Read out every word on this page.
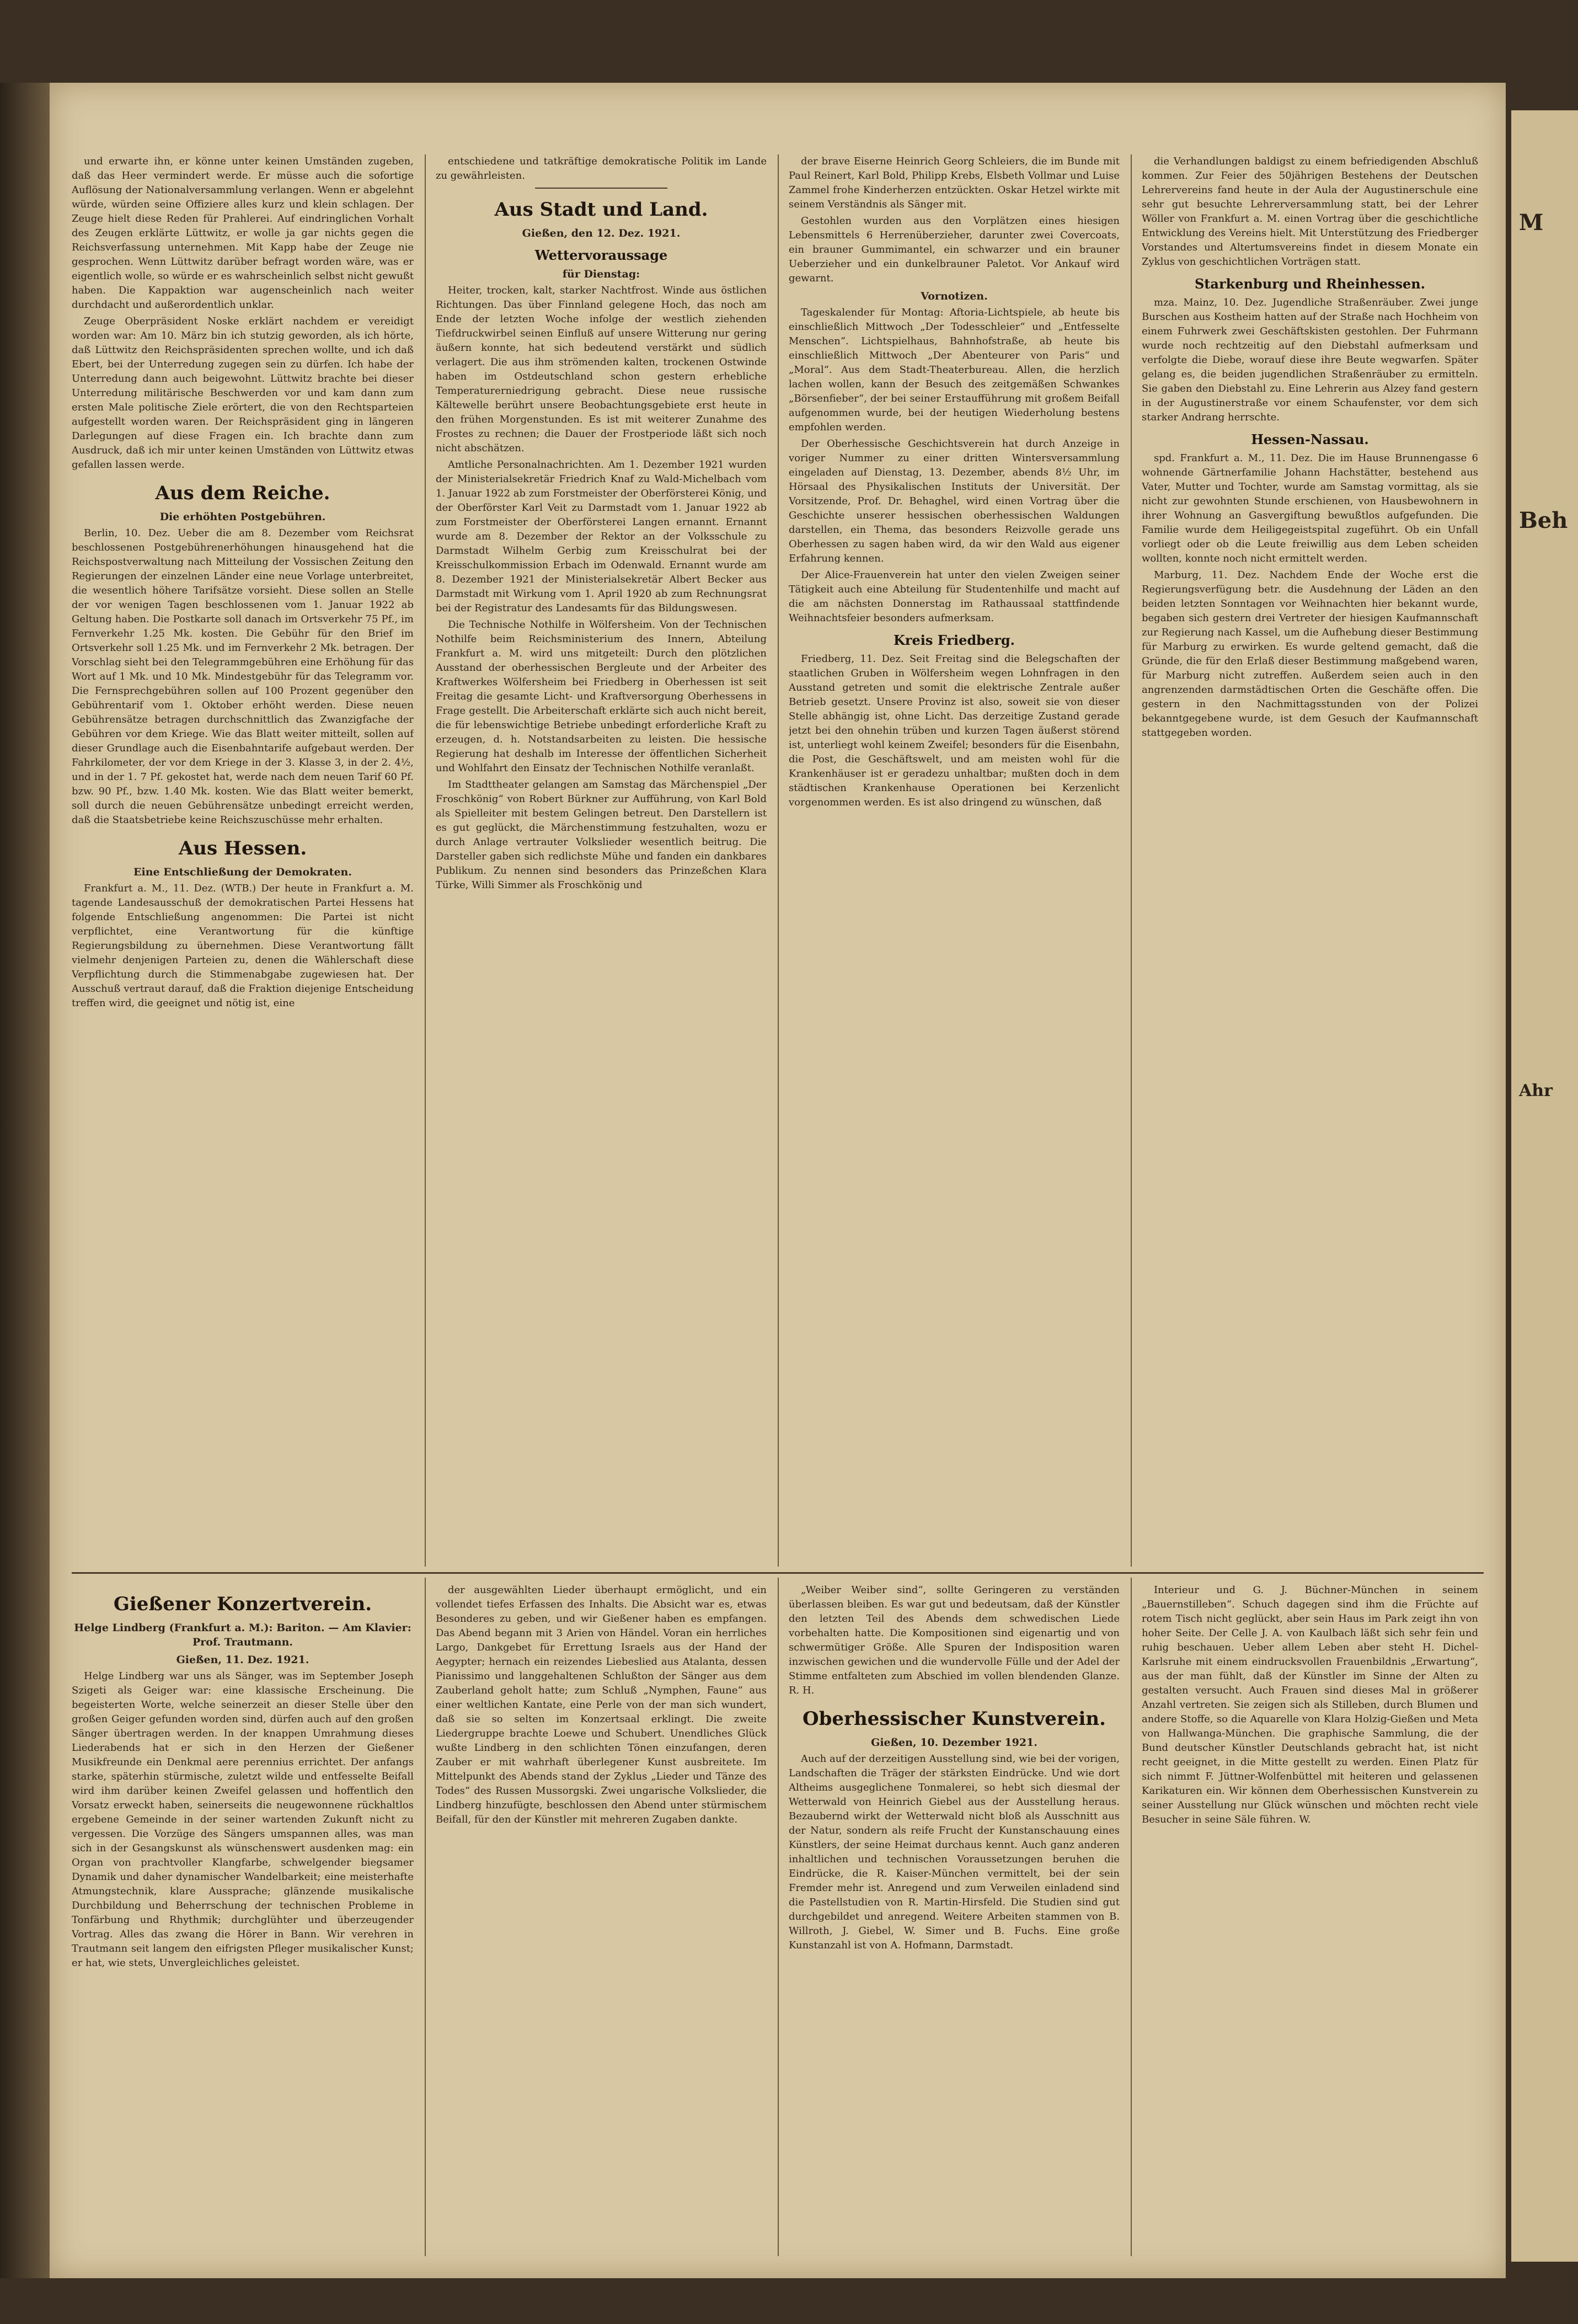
M
Beh
Ahr

und erwarte ihn, er könne unter keinen Umständen zugeben, daß das Heer vermindert werde. Er müsse auch die sofortige Auflösung der Nationalversammlung verlangen. Wenn er abgelehnt würde, würden seine Offiziere alles kurz und klein schlagen. Der Zeuge hielt diese Reden für Prahlerei. Auf eindringlichen Vorhalt des Zeugen erklärte Lüttwitz, er wolle ja gar nichts gegen die Reichsverfassung unternehmen. Mit Kapp habe der Zeuge nie gesprochen. Wenn Lüttwitz darüber befragt worden wäre, was er eigentlich wolle, so würde er es wahrscheinlich selbst nicht gewußt haben. Die Kappaktion war augenscheinlich nach weiter durchdacht und außerordentlich unklar.

Zeuge Oberpräsident Noske erklärt nachdem er vereidigt worden war: Am 10. März bin ich stutzig geworden, als ich hörte, daß Lüttwitz den Reichspräsidenten sprechen wollte, und ich daß Ebert, bei der Unterredung zugegen sein zu dürfen. Ich habe der Unterredung dann auch beigewohnt. Lüttwitz brachte bei dieser Unterredung militärische Beschwerden vor und kam dann zum ersten Male politische Ziele erörtert, die von den Rechtsparteien aufgestellt worden waren. Der Reichspräsident ging in längeren Darlegungen auf diese Fragen ein. Ich brachte dann zum Ausdruck, daß ich mir unter keinen Umständen von Lüttwitz etwas gefallen lassen werde.

Aus dem Reiche.
Die erhöhten Postgebühren.

Berlin, 10. Dez. Ueber die am 8. Dezember vom Reichsrat beschlossenen Postgebührenerhöhungen hinausgehend hat die Reichspostverwaltung nach Mitteilung der Vossischen Zeitung den Regierungen der einzelnen Länder eine neue Vorlage unterbreitet, die wesentlich höhere Tarifsätze vorsieht. Diese sollen an Stelle der vor wenigen Tagen beschlossenen vom 1. Januar 1922 ab Geltung haben. Die Postkarte soll danach im Ortsverkehr 75 Pf., im Fernverkehr 1.25 Mk. kosten. Die Gebühr für den Brief im Ortsverkehr soll 1.25 Mk. und im Fernverkehr 2 Mk. betragen. Der Vorschlag sieht bei den Telegrammgebühren eine Erhöhung für das Wort auf 1 Mk. und 10 Mk. Mindestgebühr für das Telegramm vor. Die Fernsprechgebühren sollen auf 100 Prozent gegenüber den Gebührentarif vom 1. Oktober erhöht werden. Diese neuen Gebührensätze betragen durchschnittlich das Zwanzigfache der Gebühren vor dem Kriege. Wie das Blatt weiter mitteilt, sollen auf dieser Grundlage auch die Eisenbahntarife aufgebaut werden. Der Fahrkilometer, der vor dem Kriege in der 3. Klasse 3, in der 2. 4½, und in der 1. 7 Pf. gekostet hat, werde nach dem neuen Tarif 60 Pf. bzw. 90 Pf., bzw. 1.40 Mk. kosten. Wie das Blatt weiter bemerkt, soll durch die neuen Gebührensätze unbedingt erreicht werden, daß die Staatsbetriebe keine Reichszuschüsse mehr erhalten.

Aus Hessen.
Eine Entschließung der Demokraten.

Frankfurt a. M., 11. Dez. (WTB.) Der heute in Frankfurt a. M. tagende Landesausschuß der demokratischen Partei Hessens hat folgende Entschließung angenommen: Die Partei ist nicht verpflichtet, eine Verantwortung für die künftige Regierungsbildung zu übernehmen. Diese Verantwortung fällt vielmehr denjenigen Parteien zu, denen die Wählerschaft diese Verpflichtung durch die Stimmenabgabe zugewiesen hat. Der Ausschuß vertraut darauf, daß die Fraktion diejenige Entscheidung treffen wird, die geeignet und nötig ist, eine

entschiedene und tatkräftige demokratische Politik im Lande zu gewährleisten.

Aus Stadt und Land.
Gießen, den 12. Dez. 1921.
Wettervoraussage
für Dienstag:

Heiter, trocken, kalt, starker Nachtfrost. Winde aus östlichen Richtungen. Das über Finnland gelegene Hoch, das noch am Ende der letzten Woche infolge der westlich ziehenden Tiefdruckwirbel seinen Einfluß auf unsere Witterung nur gering äußern konnte, hat sich bedeutend verstärkt und südlich verlagert. Die aus ihm strömenden kalten, trockenen Ostwinde haben im Ostdeutschland schon gestern erhebliche Temperaturerniedrigung gebracht. Diese neue russische Kältewelle berührt unsere Beobachtungsgebiete erst heute in den frühen Morgenstunden. Es ist mit weiterer Zunahme des Frostes zu rechnen; die Dauer der Frostperiode läßt sich noch nicht abschätzen.

Amtliche Personalnachrichten. Am 1. Dezember 1921 wurden der Ministerialsekretär Friedrich Knaf zu Wald-Michelbach vom 1. Januar 1922 ab zum Forstmeister der Oberförsterei König, und der Oberförster Karl Veit zu Darmstadt vom 1. Januar 1922 ab zum Forstmeister der Oberförsterei Langen ernannt. Ernannt wurde am 8. Dezember der Rektor an der Volksschule zu Darmstadt Wilhelm Gerbig zum Kreisschulrat bei der Kreisschulkommission Erbach im Odenwald. Ernannt wurde am 8. Dezember 1921 der Ministerialsekretär Albert Becker aus Darmstadt mit Wirkung vom 1. April 1920 ab zum Rechnungsrat bei der Registratur des Landesamts für das Bildungswesen.

Die Technische Nothilfe in Wölfersheim. Von der Technischen Nothilfe beim Reichsministerium des Innern, Abteilung Frankfurt a. M. wird uns mitgeteilt: Durch den plötzlichen Ausstand der oberhessischen Bergleute und der Arbeiter des Kraftwerkes Wölfersheim bei Friedberg in Oberhessen ist seit Freitag die gesamte Licht- und Kraftversorgung Oberhessens in Frage gestellt. Die Arbeiterschaft erklärte sich auch nicht bereit, die für lebenswichtige Betriebe unbedingt erforderliche Kraft zu erzeugen, d. h. Notstandsarbeiten zu leisten. Die hessische Regierung hat deshalb im Interesse der öffentlichen Sicherheit und Wohlfahrt den Einsatz der Technischen Nothilfe veranlaßt.

Im Stadttheater gelangen am Samstag das Märchenspiel „Der Froschkönig“ von Robert Bürkner zur Aufführung, von Karl Bold als Spielleiter mit bestem Gelingen betreut. Den Darstellern ist es gut geglückt, die Märchenstimmung festzuhalten, wozu er durch Anlage vertrauter Volkslieder wesentlich beitrug. Die Darsteller gaben sich redlichste Mühe und fanden ein dankbares Publikum. Zu nennen sind besonders das Prinzeßchen Klara Türke, Willi Simmer als Froschkönig und

der brave Eiserne Heinrich Georg Schleiers, die im Bunde mit Paul Reinert, Karl Bold, Philipp Krebs, Elsbeth Vollmar und Luise Zammel frohe Kinderherzen entzückten. Oskar Hetzel wirkte mit seinem Verständnis als Sänger mit.

Gestohlen wurden aus den Vorplätzen eines hiesigen Lebensmittels 6 Herrenüberzieher, darunter zwei Covercoats, ein brauner Gummimantel, ein schwarzer und ein brauner Ueberzieher und ein dunkelbrauner Paletot. Vor Ankauf wird gewarnt.

Vornotizen.

Tageskalender für Montag: Aftoria-Lichtspiele, ab heute bis einschließlich Mittwoch „Der Todesschleier“ und „Entfesselte Menschen“. Lichtspielhaus, Bahnhofstraße, ab heute bis einschließlich Mittwoch „Der Abenteurer von Paris“ und „Moral“. Aus dem Stadt-Theaterbureau. Allen, die herzlich lachen wollen, kann der Besuch des zeitgemäßen Schwankes „Börsenfieber“, der bei seiner Erstaufführung mit großem Beifall aufgenommen wurde, bei der heutigen Wiederholung bestens empfohlen werden.

Der Oberhessische Geschichtsverein hat durch Anzeige in voriger Nummer zu einer dritten Wintersversammlung eingeladen auf Dienstag, 13. Dezember, abends 8½ Uhr, im Hörsaal des Physikalischen Instituts der Universität. Der Vorsitzende, Prof. Dr. Behaghel, wird einen Vortrag über die Geschichte unserer hessischen oberhessischen Waldungen darstellen, ein Thema, das besonders Reizvolle gerade uns Oberhessen zu sagen haben wird, da wir den Wald aus eigener Erfahrung kennen.

Der Alice-Frauenverein hat unter den vielen Zweigen seiner Tätigkeit auch eine Abteilung für Studentenhilfe und macht auf die am nächsten Donnerstag im Rathaussaal stattfindende Weihnachtsfeier besonders aufmerksam.

Kreis Friedberg.

Friedberg, 11. Dez. Seit Freitag sind die Belegschaften der staatlichen Gruben in Wölfersheim wegen Lohnfragen in den Ausstand getreten und somit die elektrische Zentrale außer Betrieb gesetzt. Unsere Provinz ist also, soweit sie von dieser Stelle abhängig ist, ohne Licht. Das derzeitige Zustand gerade jetzt bei den ohnehin trüben und kurzen Tagen äußerst störend ist, unterliegt wohl keinem Zweifel; besonders für die Eisenbahn, die Post, die Geschäftswelt, und am meisten wohl für die Krankenhäuser ist er geradezu unhaltbar; mußten doch in dem städtischen Krankenhause Operationen bei Kerzenlicht vorgenommen werden. Es ist also dringend zu wünschen, daß

die Verhandlungen baldigst zu einem befriedigenden Abschluß kommen. Zur Feier des 50jährigen Bestehens der Deutschen Lehrervereins fand heute in der Aula der Augustinerschule eine sehr gut besuchte Lehrerversammlung statt, bei der Lehrer Wöller von Frankfurt a. M. einen Vortrag über die geschichtliche Entwicklung des Vereins hielt. Mit Unterstützung des Friedberger Vorstandes und Altertumsvereins findet in diesem Monate ein Zyklus von geschichtlichen Vorträgen statt.

Starkenburg und Rheinhessen.

mza. Mainz, 10. Dez. Jugendliche Straßenräuber. Zwei junge Burschen aus Kostheim hatten auf der Straße nach Hochheim von einem Fuhrwerk zwei Geschäftskisten gestohlen. Der Fuhrmann wurde noch rechtzeitig auf den Diebstahl aufmerksam und verfolgte die Diebe, worauf diese ihre Beute wegwarfen. Später gelang es, die beiden jugendlichen Straßenräuber zu ermitteln. Sie gaben den Diebstahl zu. Eine Lehrerin aus Alzey fand gestern in der Augustinerstraße vor einem Schaufenster, vor dem sich starker Andrang herrschte.

Hessen-Nassau.

spd. Frankfurt a. M., 11. Dez. Die im Hause Brunnengasse 6 wohnende Gärtnerfamilie Johann Hachstätter, bestehend aus Vater, Mutter und Tochter, wurde am Samstag vormittag, als sie nicht zur gewohnten Stunde erschienen, von Hausbewohnern in ihrer Wohnung an Gasvergiftung bewußtlos aufgefunden. Die Familie wurde dem Heiligegeistspital zugeführt. Ob ein Unfall vorliegt oder ob die Leute freiwillig aus dem Leben scheiden wollten, konnte noch nicht ermittelt werden.

Marburg, 11. Dez. Nachdem Ende der Woche erst die Regierungsverfügung betr. die Ausdehnung der Läden an den beiden letzten Sonntagen vor Weihnachten hier bekannt wurde, begaben sich gestern drei Vertreter der hiesigen Kaufmannschaft zur Regierung nach Kassel, um die Aufhebung dieser Bestimmung für Marburg zu erwirken. Es wurde geltend gemacht, daß die Gründe, die für den Erlaß dieser Bestimmung maßgebend waren, für Marburg nicht zutreffen. Außerdem seien auch in den angrenzenden darmstädtischen Orten die Geschäfte offen. Die gestern in den Nachmittagsstunden von der Polizei bekanntgegebene wurde, ist dem Gesuch der Kaufmannschaft stattgegeben worden.

Gießener Konzertverein.
Helge Lindberg (Frankfurt a. M.): Bariton. — Am Klavier: Prof. Trautmann.
Gießen, 11. Dez. 1921.

Helge Lindberg war uns als Sänger, was im September Joseph Szigeti als Geiger war: eine klassische Erscheinung. Die begeisterten Worte, welche seinerzeit an dieser Stelle über den großen Geiger gefunden worden sind, dürfen auch auf den großen Sänger übertragen werden. In der knappen Umrahmung dieses Liederabends hat er sich in den Herzen der Gießener Musikfreunde ein Denkmal aere perennius errichtet. Der anfangs starke, späterhin stürmische, zuletzt wilde und entfesselte Beifall wird ihm darüber keinen Zweifel gelassen und hoffentlich den Vorsatz erweckt haben, seinerseits die neugewonnene rückhaltlos ergebene Gemeinde in der seiner wartenden Zukunft nicht zu vergessen. Die Vorzüge des Sängers umspannen alles, was man sich in der Gesangskunst als wünschenswert ausdenken mag: ein Organ von prachtvoller Klangfarbe, schwelgender biegsamer Dynamik und daher dynamischer Wandelbarkeit; eine meisterhafte Atmungstechnik, klare Aussprache; glänzende musikalische Durchbildung und Beherrschung der technischen Probleme in Tonfärbung und Rhythmik; durchglühter und überzeugender Vortrag. Alles das zwang die Hörer in Bann. Wir verehren in Trautmann seit langem den eifrigsten Pfleger musikalischer Kunst; er hat, wie stets, Unvergleichliches geleistet.

der ausgewählten Lieder überhaupt ermöglicht, und ein vollendet tiefes Erfassen des Inhalts. Die Absicht war es, etwas Besonderes zu geben, und wir Gießener haben es empfangen. Das Abend begann mit 3 Arien von Händel. Voran ein herrliches Largo, Dankgebet für Errettung Israels aus der Hand der Aegypter; hernach ein reizendes Liebeslied aus Atalanta, dessen Pianissimo und langgehaltenen Schlußton der Sänger aus dem Zauberland geholt hatte; zum Schluß „Nymphen, Faune“ aus einer weltlichen Kantate, eine Perle von der man sich wundert, daß sie so selten im Konzertsaal erklingt. Die zweite Liedergruppe brachte Loewe und Schubert. Unendliches Glück wußte Lindberg in den schlichten Tönen einzufangen, deren Zauber er mit wahrhaft überlegener Kunst ausbreitete. Im Mittelpunkt des Abends stand der Zyklus „Lieder und Tänze des Todes“ des Russen Mussorgski. Zwei ungarische Volkslieder, die Lindberg hinzufügte, beschlossen den Abend unter stürmischem Beifall, für den der Künstler mit mehreren Zugaben dankte.

„Weiber Weiber sind“, sollte Geringeren zu verständen überlassen bleiben. Es war gut und bedeutsam, daß der Künstler den letzten Teil des Abends dem schwedischen Liede vorbehalten hatte. Die Kompositionen sind eigenartig und von schwermütiger Größe. Alle Spuren der Indisposition waren inzwischen gewichen und die wundervolle Fülle und der Adel der Stimme entfalteten zum Abschied im vollen blendenden Glanze. R. H.

Oberhessischer Kunstverein.
Gießen, 10. Dezember 1921.

Auch auf der derzeitigen Ausstellung sind, wie bei der vorigen, Landschaften die Träger der stärksten Eindrücke. Und wie dort Altheims ausgeglichene Tonmalerei, so hebt sich diesmal der Wetterwald von Heinrich Giebel aus der Ausstellung heraus. Bezaubernd wirkt der Wetterwald nicht bloß als Ausschnitt aus der Natur, sondern als reife Frucht der Kunstanschauung eines Künstlers, der seine Heimat durchaus kennt. Auch ganz anderen inhaltlichen und technischen Voraussetzungen beruhen die Eindrücke, die R. Kaiser-München vermittelt, bei der sein Fremder mehr ist. Anregend und zum Verweilen einladend sind die Pastellstudien von R. Martin-Hirsfeld. Die Studien sind gut durchgebildet und anregend. Weitere Arbeiten stammen von B. Willroth, J. Giebel, W. Simer und B. Fuchs. Eine große Kunstanzahl ist von A. Hofmann, Darmstadt.

Interieur und G. J. Büchner-München in seinem „Bauernstilleben“. Schuch dagegen sind ihm die Früchte auf rotem Tisch nicht geglückt, aber sein Haus im Park zeigt ihn von hoher Seite. Der Celle J. A. von Kaulbach läßt sich sehr fein und ruhig beschauen. Ueber allem Leben aber steht H. Dichel-Karlsruhe mit einem eindrucksvollen Frauenbildnis „Erwartung“, aus der man fühlt, daß der Künstler im Sinne der Alten zu gestalten versucht. Auch Frauen sind dieses Mal in größerer Anzahl vertreten. Sie zeigen sich als Stilleben, durch Blumen und andere Stoffe, so die Aquarelle von Klara Holzig-Gießen und Meta von Hallwanga-München. Die graphische Sammlung, die der Bund deutscher Künstler Deutschlands gebracht hat, ist nicht recht geeignet, in die Mitte gestellt zu werden. Einen Platz für sich nimmt F. Jüttner-Wolfenbüttel mit heiteren und gelassenen Karikaturen ein. Wir können dem Oberhessischen Kunstverein zu seiner Ausstellung nur Glück wünschen und möchten recht viele Besucher in seine Säle führen. W.
